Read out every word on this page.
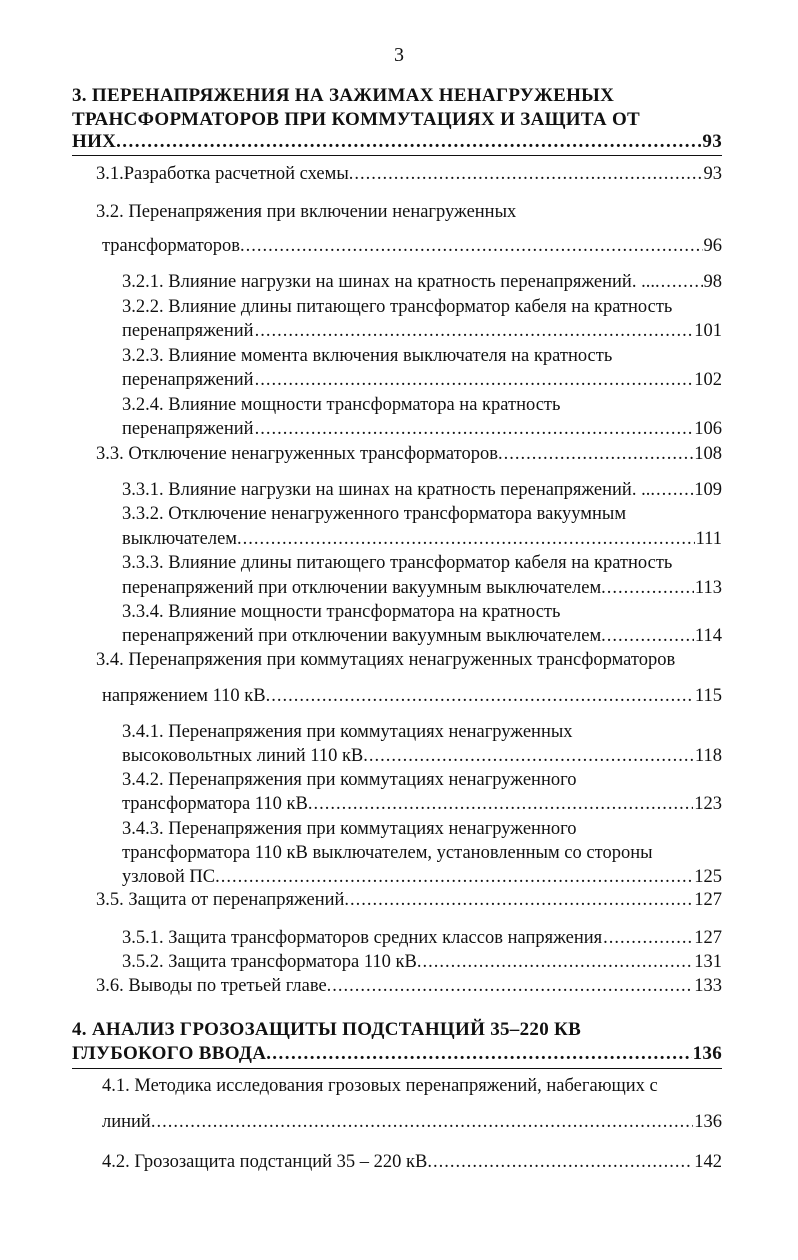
3
3. ПЕРЕНАПРЯЖЕНИЯ НА ЗАЖИМАХ НЕНАГРУЖЕНЫХ
ТРАНСФОРМАТОРОВ ПРИ КОММУТАЦИЯХ И ЗАЩИТА ОТ
НИХ. .....	93
3.1.Разработка расчетной схемы. .....	93
3.2. Перенапряжения при включении ненагруженных
трансформаторов. .....	96
3.2.1. Влияние нагрузки на шинах на кратность перенапряжений. .... ..... 98
3.2.2. Влияние длины питающего трансформатор кабеля на кратность
перенапряжений .....	101
3.2.3. Влияние момента включения выключателя на кратность
перенапряжений .....	102
3.2.4. Влияние мощности трансформатора на кратность
перенапряжений .....	106
3.3. Отключение ненагруженных трансформаторов. .....	108
3.3.1. Влияние нагрузки на шинах на кратность перенапряжений. ... ..... 109
3.3.2. Отключение ненагруженного трансформатора вакуумным
выключателем. .....	111
3.3.3. Влияние длины питающего трансформатор кабеля на кратность
перенапряжений при отключении вакуумным выключателем. .....	113
3.3.4. Влияние мощности трансформатора на кратность
перенапряжений при отключении вакуумным выключателем. .....	114
3.4. Перенапряжения при коммутациях ненагруженных трансформаторов
напряжением 110 кВ. .....	115
3.4.1. Перенапряжения при коммутациях ненагруженных
высоковольтных линий 110 кВ. .....	118
3.4.2. Перенапряжения при коммутациях ненагруженного
трансформатора 110 кВ. .....	123
3.4.3. Перенапряжения при коммутациях ненагруженного
трансформатора 110 кВ выключателем, установленным со стороны
узловой ПС. .....	125
3.5. Защита от перенапряжений. .....	127
3.5.1. Защита трансформаторов средних классов напряжения .....	127
3.5.2. Защита трансформатора 110 кВ. .....	131
3.6. Выводы по третьей главе. .....	133
4. АНАЛИЗ ГРОЗОЗАЩИТЫ ПОДСТАНЦИЙ 35–220 КВ
ГЛУБОКОГО ВВОДА. .....	136
4.1. Методика исследования грозовых перенапряжений, набегающих с
линий. .....	136
4.2. Грозозащита подстанций 35 – 220 кВ. .....	142
